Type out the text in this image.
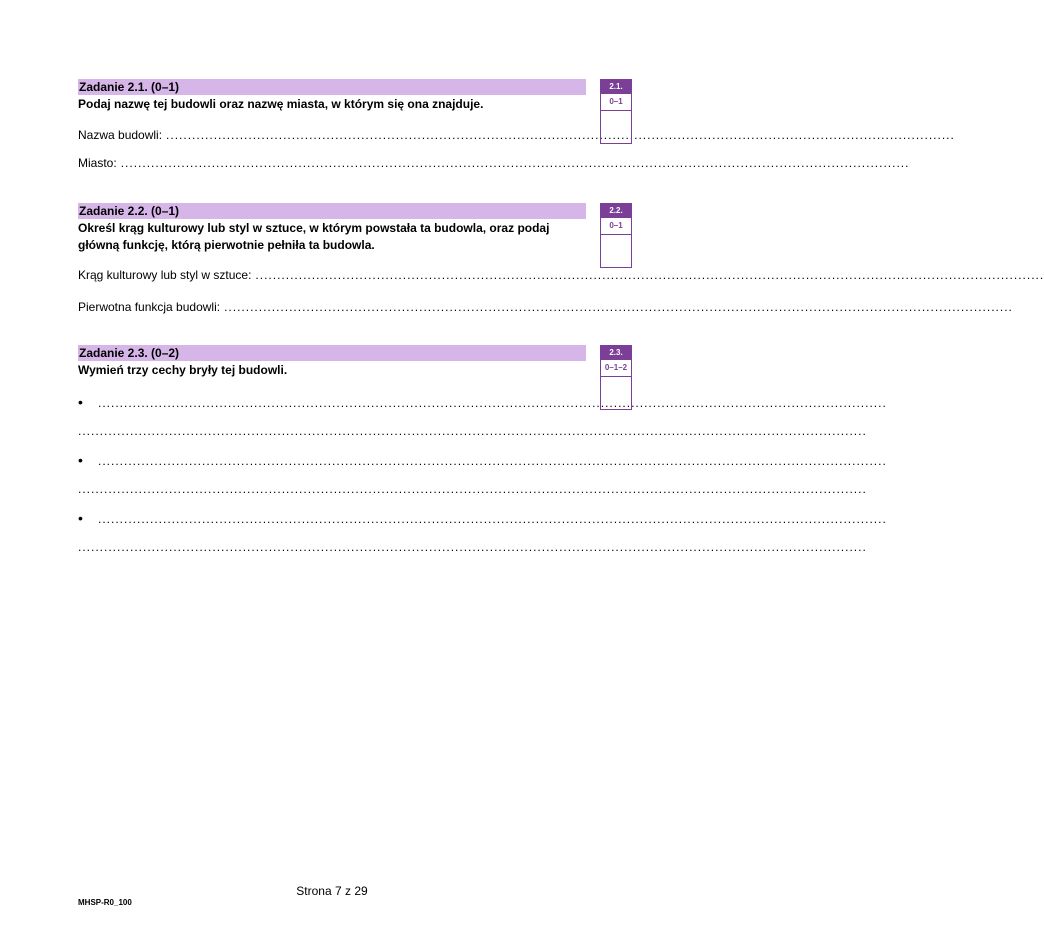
Zadanie 2.1. (0–1)
Podaj nazwę tej budowli oraz nazwę miasta, w którym się ona znajduje.
Nazwa budowli: ......................................................................................................................................................................................
Miasto: ......................................................................................................................................................................................
2.1.
0–1
Zadanie 2.2. (0–1)
Określ krąg kulturowy lub styl w sztuce, w którym powstała ta budowla, oraz podaj
główną funkcję, którą pierwotnie pełniła ta budowla.
Krąg kulturowy lub styl w sztuce: ......................................................................................................................................................................................
Pierwotna funkcja budowli: ......................................................................................................................................................................................
2.2.
0–1
Zadanie 2.3. (0–2)
Wymień trzy cechy bryły tej budowli.
• ......................................................................................................................................................................................
......................................................................................................................................................................................
• ......................................................................................................................................................................................
......................................................................................................................................................................................
• ......................................................................................................................................................................................
......................................................................................................................................................................................
2.3.
0–1–2
Strona 7 z 29
MHSP-R0_100
